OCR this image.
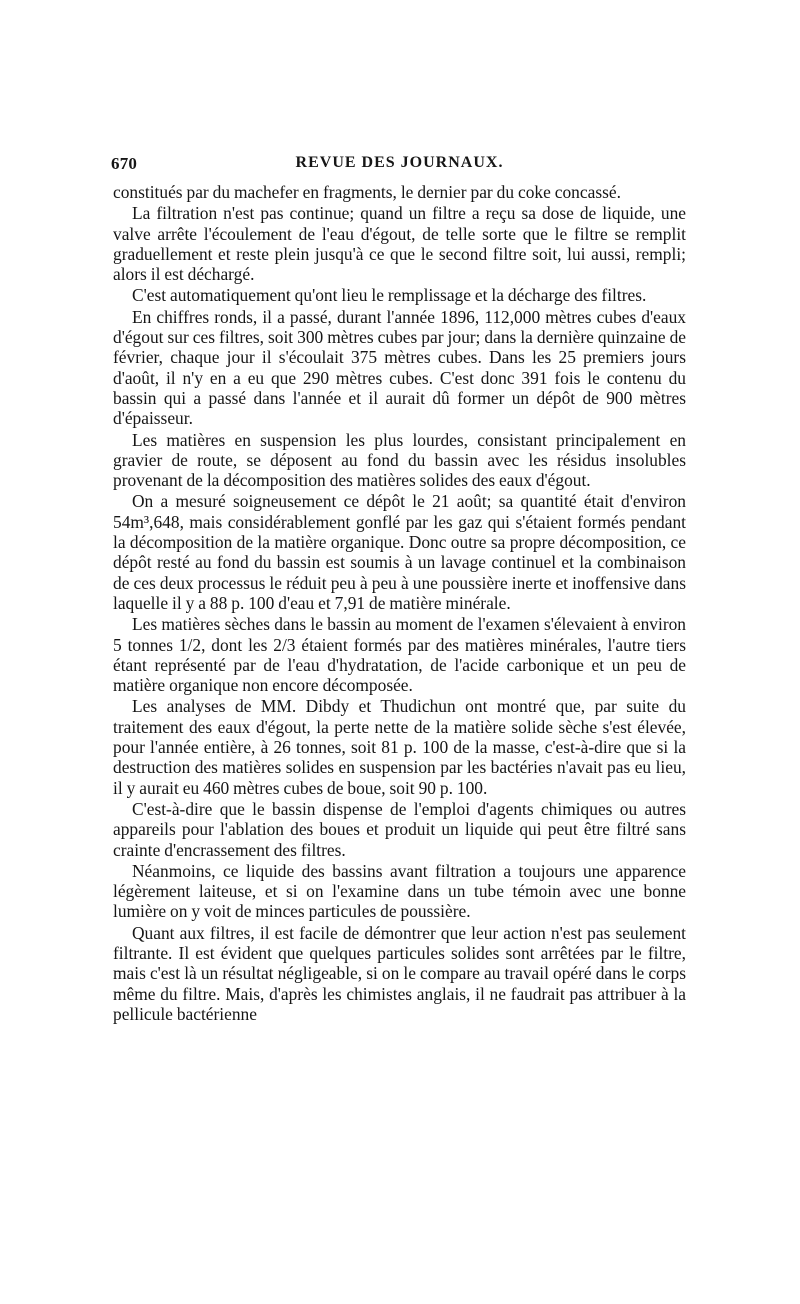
670	REVUE DES JOURNAUX.

constitués par du machefer en fragments, le dernier par du coke concassé.

La filtration n'est pas continue; quand un filtre a reçu sa dose de liquide, une valve arrête l'écoulement de l'eau d'égout, de telle sorte que le filtre se remplit graduellement et reste plein jusqu'à ce que le second filtre soit, lui aussi, rempli; alors il est déchargé.

C'est automatiquement qu'ont lieu le remplissage et la décharge des filtres.

En chiffres ronds, il a passé, durant l'année 1896, 112,000 mètres cubes d'eaux d'égout sur ces filtres, soit 300 mètres cubes par jour; dans la dernière quinzaine de février, chaque jour il s'écoulait 375 mètres cubes. Dans les 25 premiers jours d'août, il n'y en a eu que 290 mètres cubes. C'est donc 391 fois le contenu du bassin qui a passé dans l'année et il aurait dû former un dépôt de 900 mètres d'épaisseur.

Les matières en suspension les plus lourdes, consistant principalement en gravier de route, se déposent au fond du bassin avec les résidus insolubles provenant de la décomposition des matières solides des eaux d'égout.

On a mesuré soigneusement ce dépôt le 21 août; sa quantité était d'environ 54m³,648, mais considérablement gonflé par les gaz qui s'étaient formés pendant la décomposition de la matière organique. Donc outre sa propre décomposition, ce dépôt resté au fond du bassin est soumis à un lavage continuel et la combinaison de ces deux processus le réduit peu à peu à une poussière inerte et inoffensive dans laquelle il y a 88 p. 100 d'eau et 7,91 de matière minérale.

Les matières sèches dans le bassin au moment de l'examen s'élevaient à environ 5 tonnes 1/2, dont les 2/3 étaient formés par des matières minérales, l'autre tiers étant représenté par de l'eau d'hydratation, de l'acide carbonique et un peu de matière organique non encore décomposée.

Les analyses de MM. Dibdy et Thudichun ont montré que, par suite du traitement des eaux d'égout, la perte nette de la matière solide sèche s'est élevée, pour l'année entière, à 26 tonnes, soit 81 p. 100 de la masse, c'est-à-dire que si la destruction des matières solides en suspension par les bactéries n'avait pas eu lieu, il y aurait eu 460 mètres cubes de boue, soit 90 p. 100.

C'est-à-dire que le bassin dispense de l'emploi d'agents chimiques ou autres appareils pour l'ablation des boues et produit un liquide qui peut être filtré sans crainte d'encrassement des filtres.

Néanmoins, ce liquide des bassins avant filtration a toujours une apparence légèrement laiteuse, et si on l'examine dans un tube témoin avec une bonne lumière on y voit de minces particules de poussière.

Quant aux filtres, il est facile de démontrer que leur action n'est pas seulement filtrante. Il est évident que quelques particules solides sont arrêtées par le filtre, mais c'est là un résultat négligeable, si on le compare au travail opéré dans le corps même du filtre. Mais, d'après les chimistes anglais, il ne faudrait pas attribuer à la pellicule bactérienne
